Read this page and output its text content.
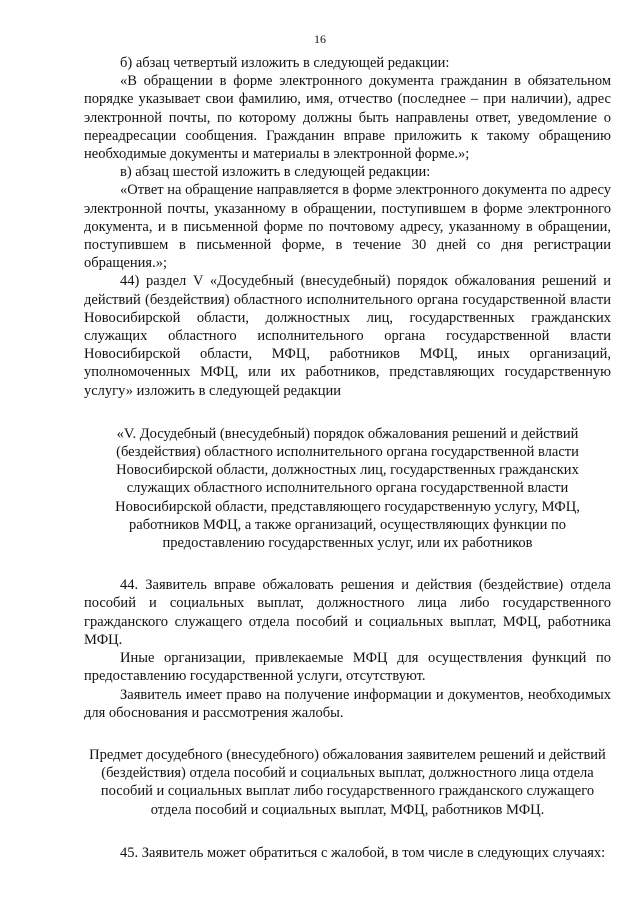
16

б) абзац четвертый изложить в следующей редакции:

«В обращении в форме электронного документа гражданин в обязательном порядке указывает свои фамилию, имя, отчество (последнее – при наличии), адрес электронной почты, по которому должны быть направлены ответ, уведомление о переадресации сообщения. Гражданин вправе приложить к такому обращению необходимые документы и материалы в электронной форме.»;

в) абзац шестой изложить в следующей редакции:

«Ответ на обращение направляется в форме электронного документа по адресу электронной почты, указанному в обращении, поступившем в форме электронного документа, и в письменной форме по почтовому адресу, указанному в обращении, поступившем в письменной форме, в течение 30 дней со дня регистрации обращения.»;

44) раздел V «Досудебный (внесудебный) порядок обжалования решений и действий (бездействия) областного исполнительного органа государственной власти Новосибирской области, должностных лиц, государственных гражданских служащих областного исполнительного органа государственной власти Новосибирской области, МФЦ, работников МФЦ, иных организаций, уполномоченных МФЦ, или их работников, представляющих государственную услугу» изложить в следующей редакции

«V. Досудебный (внесудебный) порядок обжалования решений и действий (бездействия) областного исполнительного органа государственной власти Новосибирской области, должностных лиц, государственных гражданских служащих областного исполнительного органа государственной власти Новосибирской области, представляющего государственную услугу, МФЦ, работников МФЦ, а также организаций, осуществляющих функции по предоставлению государственных услуг, или их работников

44. Заявитель вправе обжаловать решения и действия (бездействие) отдела пособий и социальных выплат, должностного лица либо государственного гражданского служащего отдела пособий и социальных выплат, МФЦ, работника МФЦ.

Иные организации, привлекаемые МФЦ для осуществления функций по предоставлению государственной услуги, отсутствуют.

Заявитель имеет право на получение информации и документов, необходимых для обоснования и рассмотрения жалобы.

Предмет досудебного (внесудебного) обжалования заявителем решений и действий (бездействия) отдела пособий и социальных выплат, должностного лица отдела пособий и социальных выплат либо государственного гражданского служащего отдела пособий и социальных выплат, МФЦ, работников МФЦ.

45. Заявитель может обратиться с жалобой, в том числе в следующих случаях:
